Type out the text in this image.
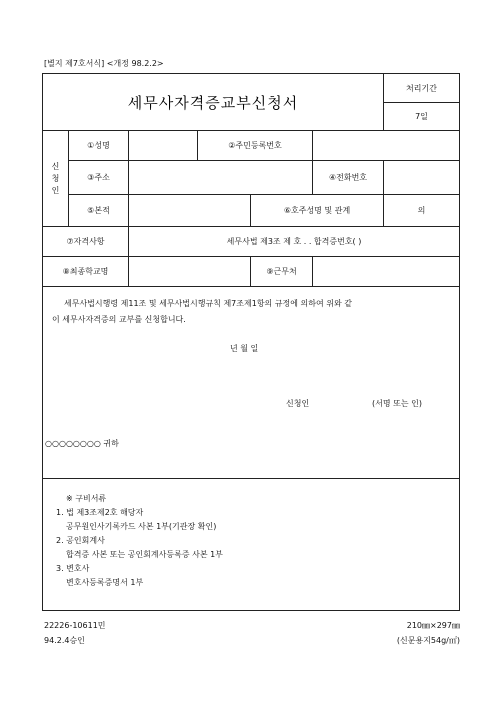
[별지 제7호서식] <개정 98.2.2>
세무사자격증교부신청서
처리기간
7일
신청인
①성명	②주민등록번호
③주소	④전화번호
⑤본적	⑥호주성명 및 관계	의
⑦자격사항	세무사법 제3조 제 호 . . 합격증번호( )
⑧최종학교명	⑨근무처
세무사법시행령 제11조 및 세무사법시행규칙 제7조제1항의 규정에 의하여 위와 같
이 세무사자격증의 교부를 신청합니다.
년 월 일
신청인	(서명 또는 인)
○○○○○○○○ 귀하
※ 구비서류
1. 법 제3조제2호 해당자
공무원인사기록카드 사본 1부(기관장 확인)
2. 공인회계사
합격증 사본 또는 공인회계사등록증 사본 1부
3. 변호사
변호사등록증명서 1부
22226-10611민
94.2.4승인
210㎜×297㎜
(신문용지54g/㎡)
